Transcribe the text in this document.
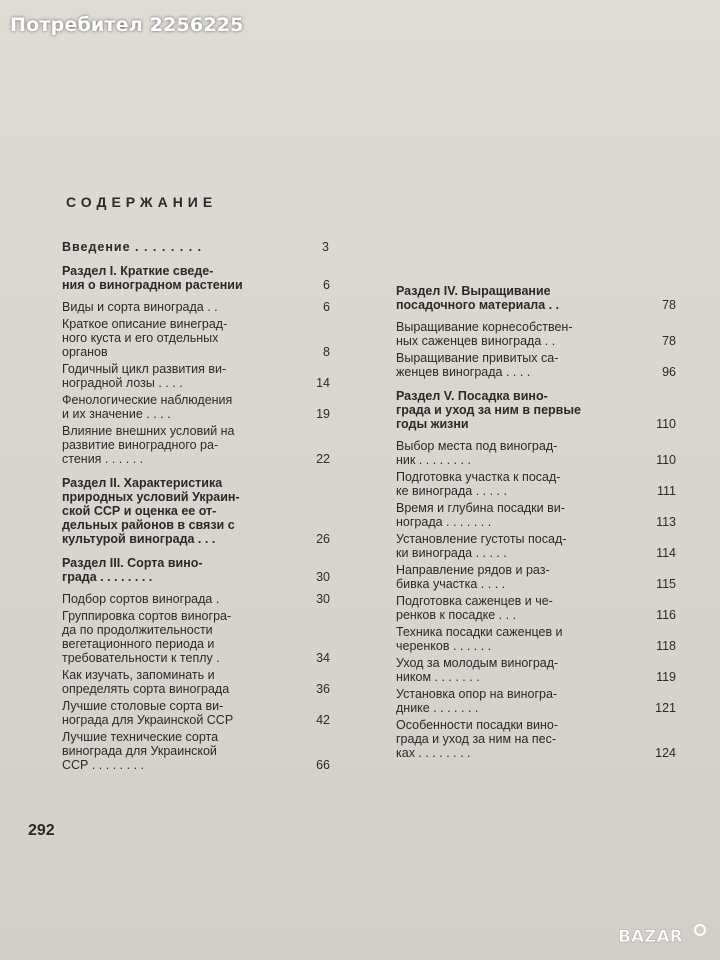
Потребител 2256225
СОДЕРЖАНИЕ
Введение . . . . . . . .	3
Раздел I. Краткие сведе-
ния о виноградном растении	6
Виды и сорта винограда . .	6
Краткое описание винеград-
ного куста и его отдельных
органов	8
Годичный цикл развития ви-
ноградной лозы . . . .	14
Фенологические наблюдения
и их значение . . . .	19
Влияние внешних условий на
развитие виноградного ра-
стения . . . . . .	22
Раздел II. Характеристика
природных условий Украин-
ской ССР и оценка ее от-
дельных районов в связи с
культурой винограда . . .	26
Раздел III. Сорта вино-
града . . . . . . . .	30
Подбор сортов винограда .	30
Группировка сортов виногра-
да по продолжительности
вегетационного периода и
требовательности к теплу .	34
Как изучать, запоминать и
определять сорта винограда	36
Лучшие столовые сорта ви-
нограда для Украинской ССР	42
Лучшие технические сорта
винограда для Украинской
ССР . . . . . . . .	66
Раздел IV. Выращивание
посадочного материала . .	78
Выращивание корнесобствен-
ных саженцев винограда . .	78
Выращивание привитых са-
женцев винограда . . . .	96
Раздел V. Посадка вино-
града и уход за ним в первые
годы жизни	110
Выбор места под виноград-
ник . . . . . . . .	110
Подготовка участка к посад-
ке винограда . . . . .	111
Время и глубина посадки ви-
нограда . . . . . . .	113
Установление густоты посад-
ки винограда . . . . .	114
Направление рядов и раз-
бивка участка . . . .	115
Подготовка саженцев и че-
ренков к посадке . . .	116
Техника посадки саженцев и
черенков . . . . . .	118
Уход за молодым виноград-
ником . . . . . . .	119
Установка опор на виногра-
днике . . . . . . .	121
Особенности посадки вино-
града и уход за ним на пес-
ках . . . . . . . .	124
292
BAZAR
